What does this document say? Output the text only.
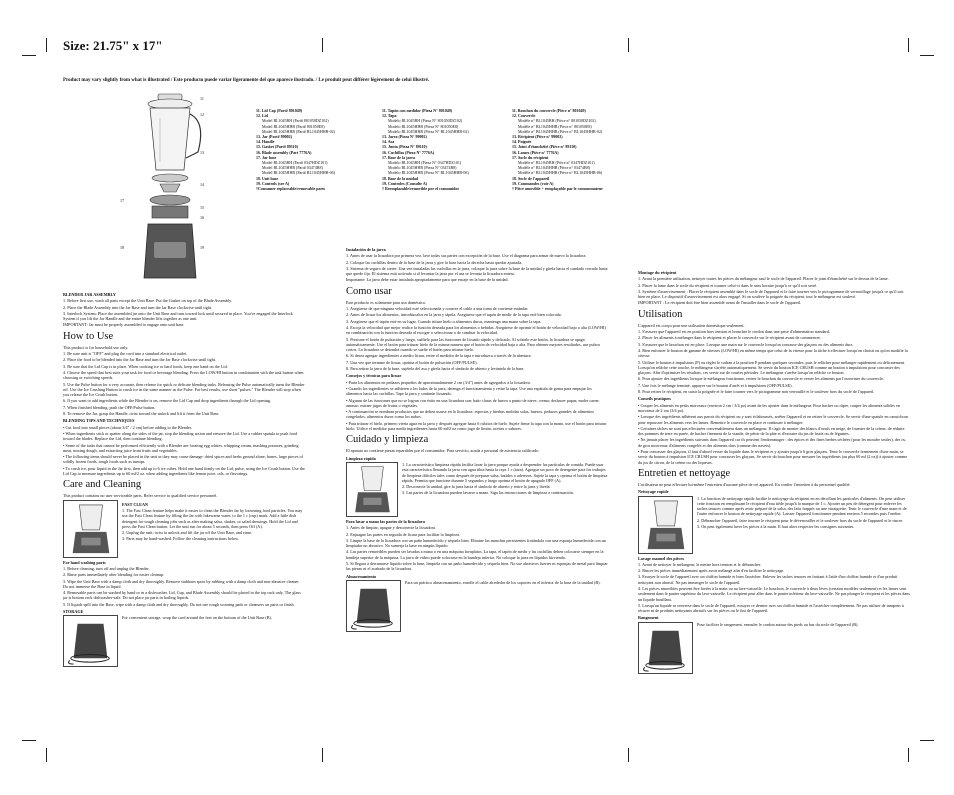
Size: 21.75" x 17"
Product may vary slightly from what is illustrated / Este producto puede variar ligeramente del que aparece ilustrado. / Le produit peut différer légèrement de celui illustré.
11
12
13
14
15
16
17
18	19
11. Lid Cap (Part# 801049)
12. Lid
Model BL1045BH (Part# 801050DZ102)
Model BL1045HHB (Part# 801050E8)
Model BL1045HHB (Part# BL1045HHB-02)
13. Jar (Part# 99002)
14. Handle
15. Gasket (Part# 89110)
16. Blade assembly (Part 7776A)
17. Jar base
Model BL1045BH (Part# 0347HDZ101)
Model BL1045HHB (Part# 03474B8)
Model BL1045HHB (Part# BL1045HHB-06)
18. Unit base
19. Controls (see A)
†Consumer replaceable/removable parts
11. Tapón con medidor (Pieza N° 801049)
12. Tapa
Modelo BL1045BH (Pieza N° 801050DZ102)
Modelo BL1045HHB (Pieza N° 801050E8)
Modelo BL1045HHB (Pieza N° BL1045HHB-02)
13. Jarra (Pieza N° 99002)
14. Asa
15. Junta (Pieza N° 89110)
16. Cuchillas (Pieza N° 7776A)
17. Base de la jarra
Modelo BL1045BH (Pieza N° 0347HDZ101)
Modelo BL1045HHB (Pieza N° 03474B8)
Modelo BL1045HHB (Pieza N° BL1045HHB-06)
18. Base de la unidad
19. Controles (Consulte A)
† Reemplazable/removible por el consumidor
11. Bouchon du couvercle (Pièce n° 801049)
12. Couvercle
Modèle n° BL1045BH (Pièce n° 801050DZ102)
Modèle n° BL1045HHB (Pièce n° 801050E8)
Modèle n° BL1045HHB (Pièce n° BL1045HHB-02)
13. Récipient (Pièce n° 99002)
14. Poignée
15. Joint d'étanchéité (Pièce n° 89110)
16. Lames (Pièce n° 7776A)
17. Socle du récipient
Modèle n° BL1045BH (Pièce n° 0347HDZ101)
Modèle n° BL1045HHB (Pièce n° 03474B8)
Modèle n° BL1045HHB (Pièce n° BL1045HHB-06)
18. Socle de l'appareil
19. Commandes (voir A)
† Pièce amovible + remplaçable par le consommateur

BLENDER JAR ASSEMBLY

1. Before first use, wash all parts except the Unit Base. Put the Gasket on top of the Blade Assembly.

2. Place the Blade Assembly into the Jar Base and turn the Jar Base clockwise until tight.

3. Interlock System: Place the assembled jar onto the Unit Base and turn toward lock until secured in place. You've engaged the Interlock System if you lift the Jar Handle and the entire blender lifts together as one unit.

IMPORTANT: Jar must be properly assembled to engage onto unit base.

How to Use

This product is for household use only.

1. Be sure unit is "OFF" and plug the cord into a standard electrical outlet.

2. Place the food to be blended into the Jar Base and turn the Jar Base clockwise until tight.

3. Be sure that the Lid Cup is in place. When cooking ice or hard foods, keep one hand on the Lid.

4. Choose the speed that best suits your task for food or beverage blending. Press the LOW/HI button in combination with the task button when choosing or switching speeds.

5. Use the Pulse button for a very accurate, then release for quick or delicate blending tasks. Releasing the Pulse automatically turns the Blender off. Use the Ice Crushing Button to crush ice in the same manner as the Pulse. For best results, use short "pulses." The Blender will stop when you release the Ice Crush button.

6. If you want to add ingredients while the Blender is on, remove the Lid Cap and drop ingredients through the Lid opening.

7. When finished blending, push the OFF/Pulse button.

8. To remove the Jar, grasp the Handle, twist toward the unlock and lift it from the Unit Base.

BLENDING TIPS AND TECHNIQUES

• Cut food into small pieces (about 3/4" / 2 cm) before adding to the Blender.

• When ingredients stick or spatter along the sides of the jar, stop the blending action and remove the Lid. Use a rubber spatula to push food toward the blades. Replace the Lid, then continue blending.

• Some of the tasks that cannot be performed efficiently with a Blender are: beating egg whites, whipping cream, mashing potatoes, grinding meat, mixing dough, and extracting juice from fruits and vegetables.

• The following items should never be placed in the unit as they may cause damage: dried spices and herbs ground alone, bones, large pieces of solidly frozen foods, tough foods such as turnips.

• To crush ice, pour liquid in the Jar first, then add up to 6 ice cubes. Hold one hand firmly on the Lid; pulse, using the Ice Crush button. Use the Lid Cap to measure ingredients up to 60 ml/2 oz. when adding ingredients like lemon juice, oils, or flavorings.

Care and Cleaning

This product contains no user serviceable parts. Refer service to qualified service personnel.

FAST CLEAN

1. The Fast Clean feature helps make it easier to clean the Blender Jar by loosening food particles. You may use the Fast Clean feature by filling the Jar with lukewarm water, to the 1 c (cup) mark. Add a little dish detergent for tough cleaning jobs such as after making salsa, shakes, or salad dressings. Hold the Lid and press the Fast Clean button. Let the unit run for about 5 seconds, then press Off (A).

2. Unplug the unit; twist to unlock and lift the jar off the Unit Base, and rinse.

3. Parts may be hand-washed. Follow the cleaning instructions below.

For hand washing parts

1. Before cleaning, turn off and unplug the Blender.

2. Rinse parts immediately after blending for easier cleanup.

3. Wipe the Unit Base with a damp cloth and dry thoroughly. Remove stubborn spots by rubbing with a damp cloth and non-abrasive cleaner. Do not immerse the Base in liquid.

4. Removable parts can be washed by hand or in a dishwasher. Lid, Cup, and Blade Assembly should be placed in the top rack only. The glass jar is bottom rack dishwasher-safe. Do not place jar parts in boiling liquids.

5. If liquids spill into the Base, wipe with a damp cloth and dry thoroughly. Do not use rough scouring pads or cleansers on parts or finish.

STORAGE

For convenient storage, wrap the cord around the feet on the bottom of the Unit Base (B).

Instalación de la jarra

1. Antes de usar la licuadora por primera vez, lave todas sus partes con excepción de la base. Use el diagrama para armar de nuevo la licuadora.

2. Coloque las cuchillas dentro de la base de la jarra y gire la base hacia la derecha hasta quedar ajustada.

3. Sistema de seguro de cierre: Una vez instaladas las cuchillas en la jarra, coloque la jarra sobre la base de la unidad y gírela hacia el candado cerrado hasta que quede fija. El sistema está activado si al levantar la jarra por el asa se levanta la licuadora entera.

Importante: La jarra debe estar instalada apropiadamente para que encaje en la base de la unidad.

Como usar

Este producto es solamente para uso doméstico.

1. Asegúrese de que ninguna velocidad esté seleccionada y conecte el cable a una toma de corriente estándar.

2. Antes de licuar los alimentos, introdúzcalos en la jarra y tápela. Asegúrese que el tapón de medir de la tapa esté bien colocado.

3. Asegúrese que el tapón esté en su lugar. Cuando triture hielo u alimentos duros, mantenga una mano sobre la tapa.

4. Escoja la velocidad que mejor realice la función deseada para los alimentos o bebidas. Asegúrese de oprimir el botón de velocidad bajo o alta (LOW/HI) en combinación con la función deseada al escoger o seleccionar o de cambiar la velocidad.

5. Presione el botón de pulsación y luego, suéltelo para las funciones de licuado rápido y delicado. Al soltarlo este botón, la licuadora se apaga automáticamente. Use el botón para triturar hielo de la misma manera que el botón de velocidad baja o alta. Para obtener mejores resultados, use pulsos cortos. La licuadora se detendrá cuando se suelte el botón para triturar hielo.

6. Si desea agregar ingredientes a medio licuar, retire el medidor de la tapa e introduzca a través de la abertura.

7. Una vez que termine de licuar, oprima el botón de pulsación (OFF/PULSE).

8. Para retirar la jarra de la base, sujétela del asa y gírela hacia el símbolo de abierto y levántela de la base.

Consejos y técnicas para licuar

• Parta los alimentos en pedazos pequeños de aproximadamente 2 cm (3/4") antes de agregarlos a la licuadora.

• Cuando los ingredientes se adhieren a los lados de la jarra, detenga el funcionamiento y retire la tapa. Use una espátula de goma para empujar los alimentos hacia las cuchillas. Tape la jarra y continúe licuando.

• Algunas de las funciones que no se logran con éxito en una licuadora son: batir claras de huevo a punto de nieve, crema; deshacer papas; moler carne; amasar; extraer jugos de frutas o vegetales.

• A continuación se nombran productos que no deben usarse en la licuadora: especias y hierbas molidas solas, huesos, pedazos grandes de alimentos congelados, alimentos duros como los nabos.

• Para triturar el hielo, primero vierta agua en la jarra y después agregue hasta 6 cubitos de hielo. Sujete firme la tapa con la mano, use el botón para triturar hielo. Utilice el medidor para medir ingredientes hasta 60 ml/2 oz como jugo de limón, aceites o sabores.

Cuidado y limpieza

El aparato no contiene piezas reparables por el consumidor. Para servicio, acuda a personal de asistencia calificado.

Limpieza rápida

1. La característica limpieza rápida facilita lavar la jarra porque ayuda a desprender las partículas de comida. Puede usar esta característica llenando la jarra con agua tibia hasta la raya 1 c (taza). Agregue un poco de detergente para los trabajos de limpieza difíciles tales como después de preparar salsa, batidos o aderezos. Sujete la tapa y oprima el botón de limpieza rápida. Permita que funcione durante 5 segundos y luego oprima el botón de apagado OFF (A).

2. Desconecte la unidad, gire la jarra hacia el símbolo de abierto y retire la jarra y lávela.

3. Las partes de la licuadora pueden lavarse a mano. Siga las instrucciones de limpieza a continuación.

Para lavar a mano las partes de la licuadora

1. Antes de limpiar, apague y desconecte la licuadora.

2. Enjuague las partes en seguida de licuar para facilitar la limpieza.

3. Limpie la base de la licuadora con un paño humedecido y séquela bien. Elimine las manchas persistentes frotándola con una esponja humedecida con un limpiador no abrasivo. No sumerja la base en ningún líquido.

4. Las partes removibles pueden ser lavadas a mano o en una máquina lavaplatos. La tapa, el tapón de medir y las cuchillas deben colocarse siempre en la bandeja superior de la máquina. La jarra de vidrio puede colocarse en la bandeja inferior. No coloque la jarra en líquidos hirviendo.

5. Si llegara a derramarse líquido sobre la base, límpiela con un paño humedecido y séquela bien. No use abrasivos fuertes ni esponjas de metal para limpiar las piezas ni el acabado de la licuadora.

Almacenamiento

Para un práctico almacenamiento, enrolle el cable alrededor de los soportes en el inferior de la base de la unidad (B).

Montage du récipient

1. Avant la première utilisation, nettoyer toutes les pièces du mélangeur sauf le socle de l'appareil. Placer le joint d'étanchéité sur le dessus de la lame.

2. Placer la lame dans le socle du récipient et tourner celui-ci dans le sens horaire jusqu'à ce qu'il soit serré.

3. Système d'asservissement : Placer le récipient assemblé dans le socle de l'appareil et le faire tourner vers le pictogramme de verrouillage jusqu'à ce qu'il soit bien en place. Le dispositif d'asservissement est alors engagé. Si on soulève la poignée du récipient, tout le mélangeur est soulevé.

IMPORTANT : Le récipient doit être bien assemblé avant de l'installer dans le socle de l'appareil.

Utilisation

L'appareil est conçu pour une utilisation domestique seulement.

1. S'assurer que l'appareil est en position hors tension et brancher le cordon dans une prise d'alimentation standard.

2. Placer les aliments à mélanger dans le récipient et placer le couvercle sur le récipient avant de commencer.

3. S'assurer que le bouchon est en place. Lorsque une main sur le couvercle lorsqu'on concasse des glaçons ou des aliments durs.

4. Bien enfoncer le bouton de gamme de vitesses (LOW/HI) en même temps que celui de la vitesse pour la tâche à effectuer lorsqu'on choisit ou qu'on modifie la vitesse.

5. Utiliser le bouton à impulsions (P) ou régler le cadran à la position P pendant quelques secondes, puis le relâcher pour mélanger rapidement ou délicatement. Lorsqu'on relâche cette touche, le mélangeur s'arrête automatiquement. Se servir du bouton ICE CRUSH comme un bouton à impulsions pour concasser des glaçons. Afin d'optimiser les résultats, ces servir sur de courtes périodes. Le mélangeur s'arrête lorsqu'on relâche ce bouton.

6. Pour ajouter des ingrédients lorsque le mélangeur fonctionne, retirer le bouchon du couvercle et verser les aliments par l'ouverture du couvercle.

7. Une fois le mélange terminé, appuyer sur le bouton d'arrêt et à impulsions (OFF/PULSE).

8. Pour retirer le récipient, en saisir la poignée et le faire tourner vers le pictogramme non verrouillé et le soulever hors du socle de l'appareil.

Conseils pratiques

• Couper les aliments en petits morceaux (environ 2 cm / 3/4 po) avant de les ajouter dans le mélangeur. Pour hacher ou râper, couper les aliments solides en morceaux de 2 cm (3/4 po).

• Lorsque des ingrédients adhèrent aux parois du récipient ou y sont éclaboussés, arrêter l'appareil et en retirer le couvercle. Se servir d'une spatule en caoutchouc pour repousser les aliments vers les lames. Remettre le couvercle en place et continuer à mélanger.

• Certaines tâches ne sont pas effectuées convenablement dans un mélangeur. Il s'agit de monter des blancs d'oeufs en neige, de fouetter de la crème, de réduire des pommes de terre en purée, de hacher finement de la viande, de pétrir de la pâte et d'extraire du jus de fruits ou de légumes.

• Ne jamais placer les ingrédients suivants dans l'appareil car ils peuvent l'endommager : des épices et des fines herbes séchées (pour les moudre seules), des os, de gros morceaux d'aliments congelés et des aliments durs (comme des navets).

• Pour concasser des glaçons, il faut d'abord verser du liquide dans le récipient et y ajouter jusqu'à 6 gros glaçons. Tenir le couvercle fermement d'une main, se servir du bouton à impulsion ICE CRUSH pour concasser les glaçons. Se servir du bouchon pour mesurer les ingrédients (au plus 60 ml (2 oz)) à ajouter comme du jus de citron, de la crème ou des liqueurs.

Entretien et nettoyage

L'utilisateur ne peut effectuer lui-même l'entretien d'aucune pièce de cet appareil. En confier l'entretien à du personnel qualifié.

Nettoyage rapide

1. La fonction de nettoyage rapide facilite le nettoyage du récipient en en décollant les particules d'aliments. On peut utiliser cette fonction en remplissant le récipient d'eau tiède jusqu'à la marque de 1 c. Ajouter un peu de détergent pour enlever les taches tenaces comme après avoir préparé de la salsa, des laits frappés ou une vinaigrette. Tenir le couvercle d'une main et de l'autre enfoncer le bouton de nettoyage rapide (A). Laisser l'appareil fonctionner pendant environ 5 secondes puis l'arrêter.

2. Débrancher l'appareil, faire tourner le récipient pour le déverrouiller et le soulever hors du socle de l'appareil et le rincer.

3. On peut également laver les pièces à la main. Il faut alors respecter les consignes suivantes.

Lavage manuel des pièces

1. Avant de nettoyer le mélangeur, le mettre hors tension et le débrancher.

2. Rincer les pièces immédiatement après avoir mélangé afin d'en faciliter le nettoyage.

3. Essuyer le socle de l'appareil avec un chiffon humide et bien l'assécher. Enlever les taches tenaces en frottant à l'aide d'un chiffon humide et d'un produit nettoyant non abrasif. Ne pas immerger le socle de l'appareil.

4. Les pièces amovibles peuvent être lavées à la main ou au lave-vaisselle. Le bouchon, le couvercle à deux lèves (certains modèles seulement) et les lames sont seulement dans le panier supérieur du lave-vaisselle. Le récipient peut aller dans le panier inférieur du lave-vaisselle. Ne pas plonger le récipient et les pièces dans un liquide bouillant.

5. Lorsqu'un liquide se renverse dans le socle de l'appareil, essuyer ce dernier avec un chiffon humide et l'assécher complètement. Ne pas utiliser de tampons à récurer ni de produits nettoyants abrasifs sur les pièces ou le fini de l'appareil.

Rangement

Pour faciliter le rangement, enrouler le cordon autour des pieds au bas du socle de l'appareil (B).
